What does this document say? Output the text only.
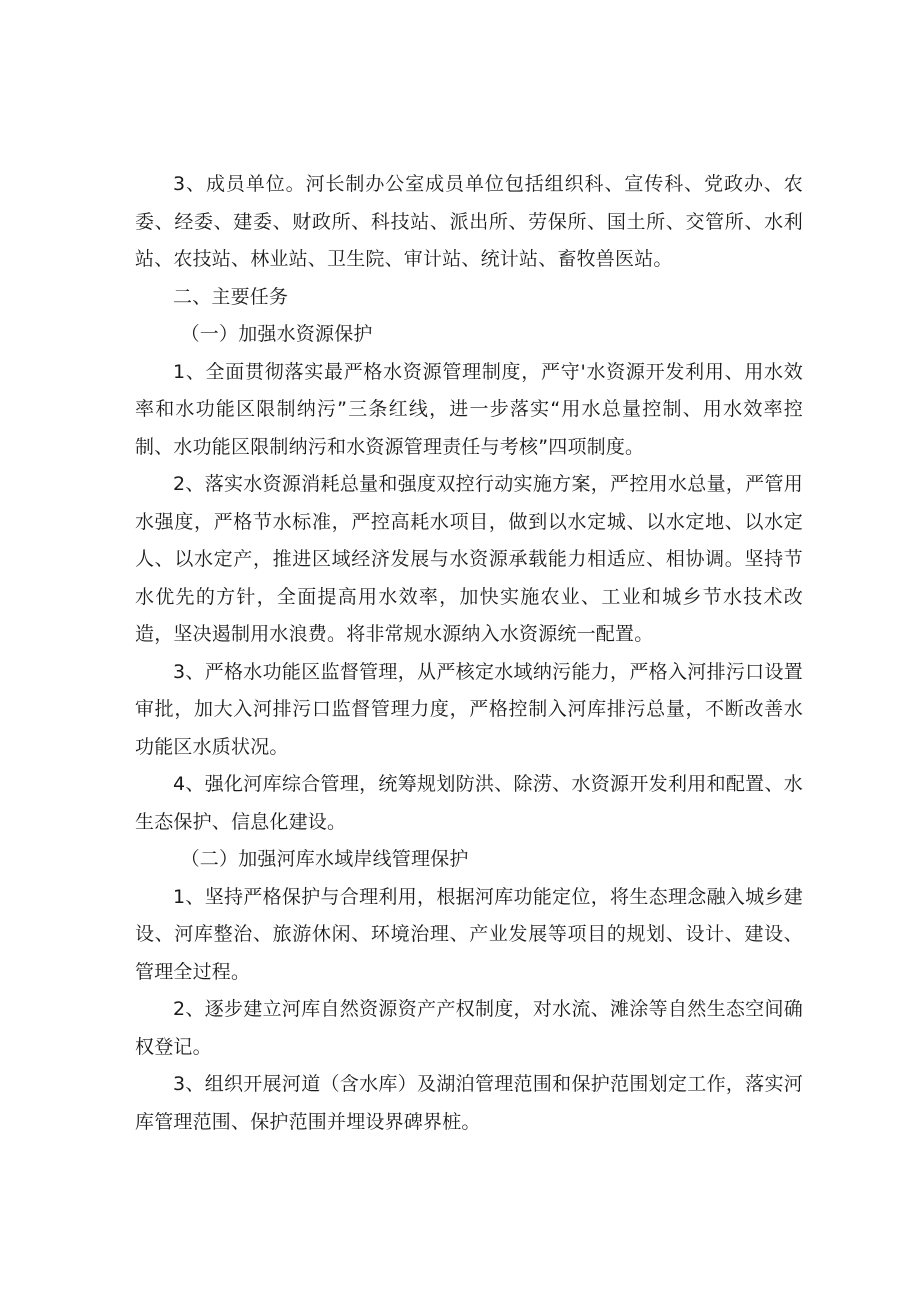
3、成员单位。河长制办公室成员单位包括组织科、宣传科、党政办、农委、经委、建委、财政所、科技站、派出所、劳保所、国土所、交管所、水利站、农技站、林业站、卫生院、审计站、统计站、畜牧兽医站。

二、主要任务

（一）加强水资源保护

1、全面贯彻落实最严格水资源管理制度，严守'水资源开发利用、用水效率和水功能区限制纳污”三条红线，进一步落实“用水总量控制、用水效率控制、水功能区限制纳污和水资源管理责任与考核”四项制度。

2、落实水资源消耗总量和强度双控行动实施方案，严控用水总量，严管用水强度，严格节水标准，严控高耗水项目，做到以水定城、以水定地、以水定人、以水定产，推进区域经济发展与水资源承载能力相适应、相协调。坚持节水优先的方针，全面提高用水效率，加快实施农业、工业和城乡节水技术改造，坚决遏制用水浪费。将非常规水源纳入水资源统一配置。

3、严格水功能区监督管理，从严核定水域纳污能力，严格入河排污口设置审批，加大入河排污口监督管理力度，严格控制入河库排污总量，不断改善水功能区水质状况。

4、强化河库综合管理，统筹规划防洪、除涝、水资源开发利用和配置、水生态保护、信息化建设。

（二）加强河库水域岸线管理保护

1、坚持严格保护与合理利用，根据河库功能定位，将生态理念融入城乡建设、河库整治、旅游休闲、环境治理、产业发展等项目的规划、设计、建设、管理全过程。

2、逐步建立河库自然资源资产产权制度，对水流、滩涂等自然生态空间确权登记。

3、组织开展河道（含水库）及湖泊管理范围和保护范围划定工作，落实河库管理范围、保护范围并埋设界碑界桩。
